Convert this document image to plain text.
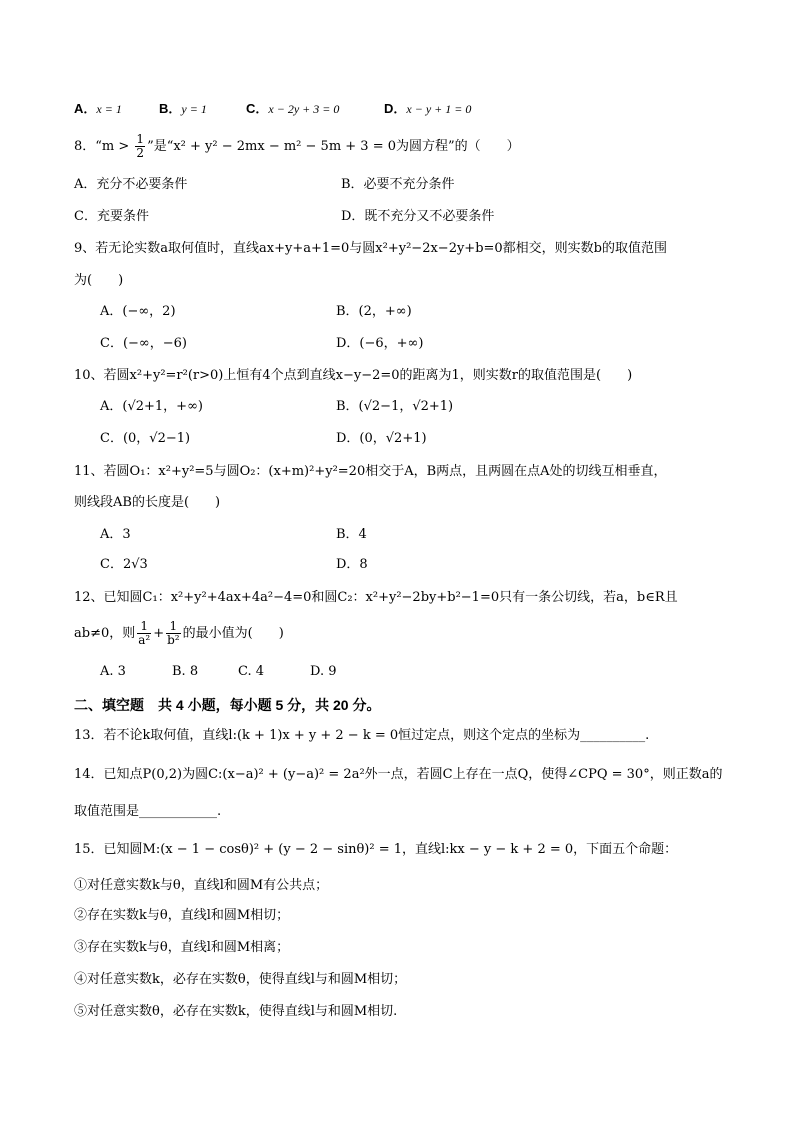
A．x = 1	B．y = 1	C．x − 2y + 3 = 0	D．x − y + 1 = 0
8．“$m > \frac{1}{2}$ ”是“x² + y² − 2mx − m² − 5m + 3 = 0为圆方程”的（　　）
A．充分不必要条件	B．必要不充分条件
C．充要条件	D．既不充分又不必要条件
9、若无论实数a取何值时，直线ax+y+a+1=0与圆x²+y²−2x−2y+b=0都相交，则实数b的取值范围
为(　　)
A．(−∞，2)	B．(2，+∞)
C．(−∞，−6)	D．(−6，+∞)
10、若圆x²+y²=r²(r>0)上恒有4个点到直线x−y−2=0的距离为1，则实数r的取值范围是(　　)
A．(√2+1，+∞)	B．(√2−1，√2+1)
C．(0，√2−1)	D．(0，√2+1)
11、若圆O₁：x²+y²=5与圆O₂：(x+m)²+y²=20相交于A，B两点，且两圆在点A处的切线互相垂直，
则线段AB的长度是(　　)
A．3	B．4
C．2√3	D．8
12、已知圆C₁：x²+y²+4ax+4a²−4=0和圆C₂：x²+y²−2by+b²−1=0只有一条公切线，若a，b∈R且
ab≠0，则 $\frac{1}{\text{a²}} + \frac{1}{\text{b²}}$ 的最小值为(　　)
A. 3	B. 8	C. 4	D. 9
二、填空题　共 4 小题，每小题 5 分，共 20 分。
13．若不论k取何值，直线l:(k + 1)x + y + 2 − k = 0恒过定点，则这个定点的坐标为__________.
14．已知点P(0,2)为圆C:(x−a)² + (y−a)² = 2a²外一点，若圆C上存在一点Q，使得∠CPQ = 30°，则正数a的
取值范围是____________.
15．已知圆M:(x − 1 − cosθ)² + (y − 2 − sinθ)² = 1，直线l:kx − y − k + 2 = 0，下面五个命题：
①对任意实数k与θ，直线l和圆M有公共点；
②存在实数k与θ，直线l和圆M相切；
③存在实数k与θ，直线l和圆M相离；
④对任意实数k，必存在实数θ，使得直线l与和圆M相切；
⑤对任意实数θ，必存在实数k，使得直线l与和圆M相切.
